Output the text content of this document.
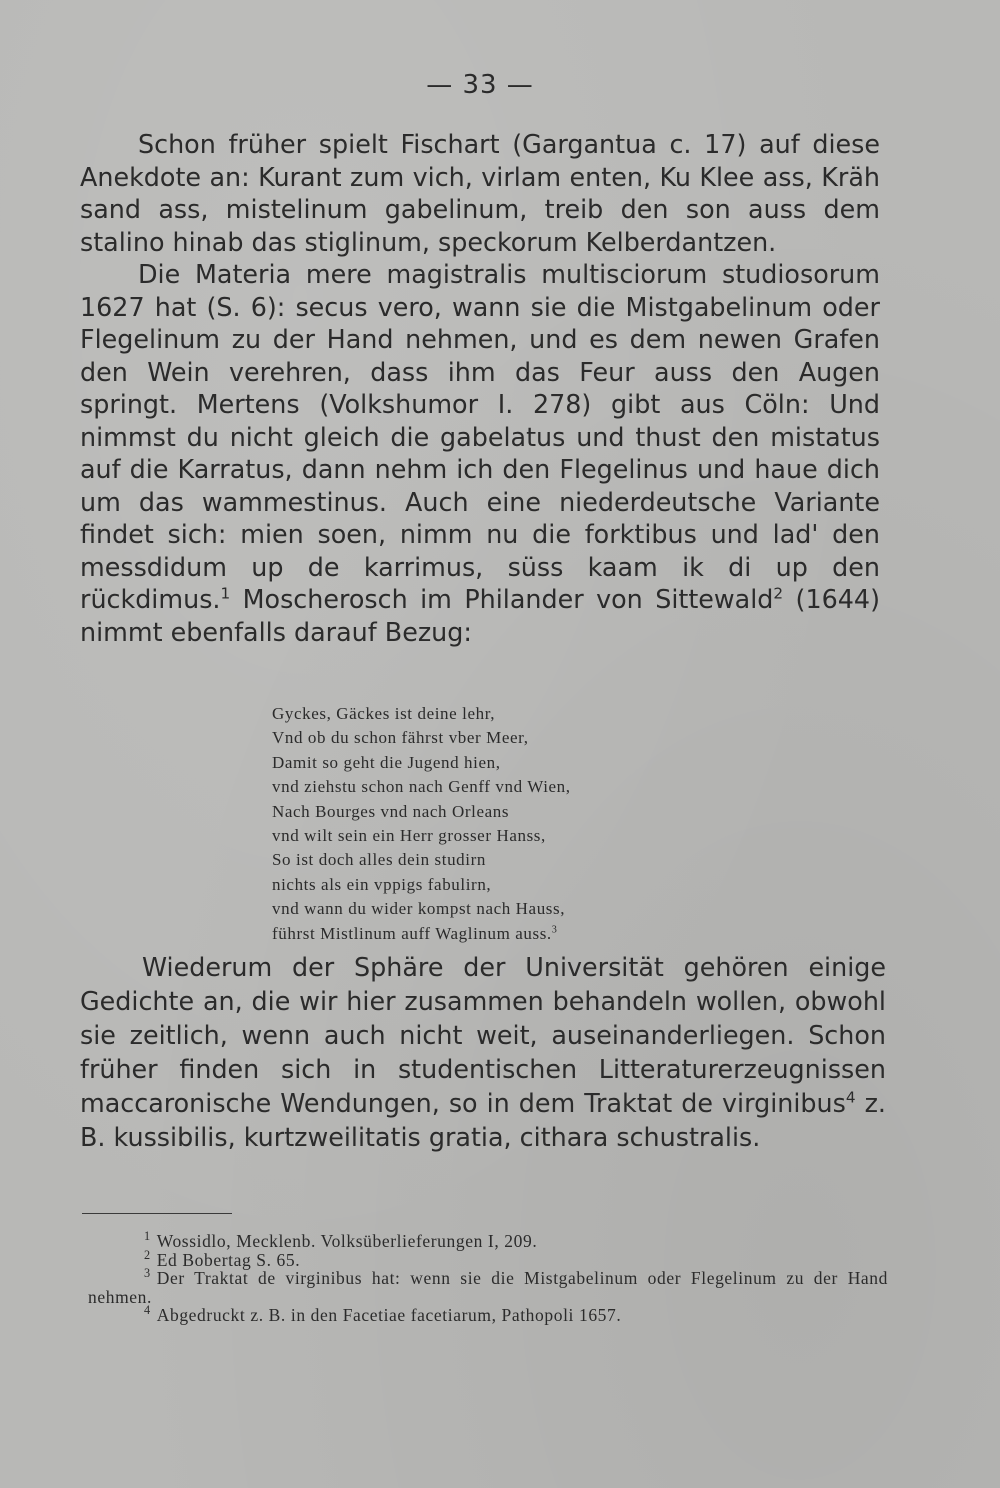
— 33 —

Schon früher spielt Fischart (Gargantua c. 17) auf diese Anekdote an: Kurant zum vich, virlam enten, Ku Klee ass, Kräh sand ass, mistelinum gabelinum, treib den son auss dem stalino hinab das stiglinum, speckorum Kelberdantzen.

Die Materia mere magistralis multisciorum studiosorum 1627 hat (S. 6): secus vero, wann sie die Mistgabelinum oder Flegelinum zu der Hand nehmen, und es dem newen Grafen den Wein verehren, dass ihm das Feur auss den Augen springt. Mertens (Volkshumor I. 278) gibt aus Cöln: Und nimmst du nicht gleich die gabelatus und thust den mistatus auf die Karratus, dann nehm ich den Flegelinus und haue dich um das wammestinus. Auch eine niederdeutsche Variante findet sich: mien soen, nimm nu die forktibus und lad' den messdidum up de karrimus, süss kaam ik di up den rückdimus.$^1$ Moscherosch im Philander von Sittewald$^2$ (1644) nimmt ebenfalls darauf Bezug:

Gyckes, Gäckes ist deine lehr,
Vnd ob du schon fährst vber Meer,
Damit so geht die Jugend hien,
vnd ziehstu schon nach Genff vnd Wien,
Nach Bourges vnd nach Orleans
vnd wilt sein ein Herr grosser Hanss,
So ist doch alles dein studirn
nichts als ein vppigs fabulirn,
vnd wann du wider kompst nach Hauss,
führst Mistlinum auff Waglinum auss.$^3$

Wiederum der Sphäre der Universität gehören einige Gedichte an, die wir hier zusammen behandeln wollen, obwohl sie zeitlich, wenn auch nicht weit, auseinanderliegen. Schon früher finden sich in studentischen Litteraturerzeugnissen maccaronische Wendungen, so in dem Traktat de virginibus$^4$ z. B. kussibilis, kurtzweilitatis gratia, cithara schustralis.

$^1$ Wossidlo, Mecklenb. Volksüberlieferungen I, 209.
$^2$ Ed Bobertag S. 65.
$^3$ Der Traktat de virginibus hat: wenn sie die Mistgabelinum oder Flegelinum zu der Hand nehmen.
$^4$ Abgedruckt z. B. in den Facetiae facetiarum, Pathopoli 1657.
